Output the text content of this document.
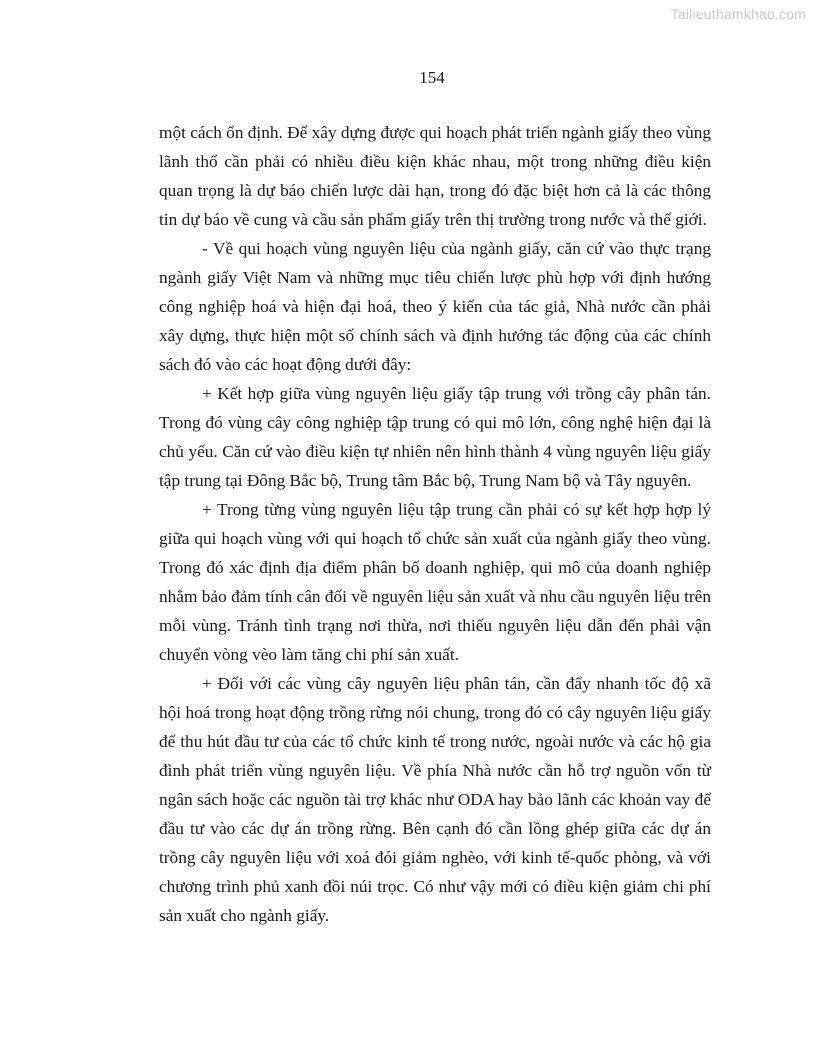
Tailieuthamkhao.com
154

một cách ổn định. Để xây dựng được qui hoạch phát triển ngành giấy theo vùng lãnh thổ cần phải có nhiều điều kiện khác nhau, một trong những điều kiện quan trọng là dự báo chiến lược dài hạn, trong đó đặc biệt hơn cả là các thông tin dự báo về cung và cầu sản phẩm giấy trên thị trường trong nước và thế giới.

- Về qui hoạch vùng nguyên liệu của ngành giấy, căn cứ vào thực trạng ngành giấy Việt Nam và những mục tiêu chiến lược phù hợp với định hướng công nghiệp hoá và hiện đại hoá, theo ý kiến của tác giả, Nhà nước cần phải xây dựng, thực hiện một số chính sách và định hướng tác động của các chính sách đó vào các hoạt động dưới đây:

+ Kết hợp giữa vùng nguyên liệu giấy tập trung với trồng cây phân tán. Trong đó vùng cây công nghiệp tập trung có qui mô lớn, công nghệ hiện đại là chủ yếu. Căn cứ vào điều kiện tự nhiên nên hình thành 4 vùng nguyên liệu giấy tập trung tại Đông Bắc bộ, Trung tâm Bắc bộ, Trung Nam bộ và Tây nguyên.

+ Trong từng vùng nguyên liệu tập trung cần phải có sự kết hợp hợp lý giữa qui hoạch vùng với qui hoạch tổ chức sản xuất của ngành giấy theo vùng. Trong đó xác định địa điểm phân bố doanh nghiệp, qui mô của doanh nghiệp nhằm bảo đảm tính cân đối về nguyên liệu sản xuất và nhu cầu nguyên liệu trên mỗi vùng. Tránh tình trạng nơi thừa, nơi thiếu nguyên liệu dẫn đến phải vận chuyển vòng vèo làm tăng chi phí sản xuất.

+ Đối với các vùng cây nguyên liệu phân tán, cần đẩy nhanh tốc độ xã hội hoá trong hoạt động trồng rừng nói chung, trong đó có cây nguyên liệu giấy để thu hút đầu tư của các tổ chức kinh tế trong nước, ngoài nước và các hộ gia đình phát triển vùng nguyên liệu. Về phía Nhà nước cần hỗ trợ nguồn vốn từ ngân sách hoặc các nguồn tài trợ khác như ODA hay bảo lãnh các khoản vay để đầu tư vào các dự án trồng rừng. Bên cạnh đó cần lồng ghép giữa các dự án trồng cây nguyên liệu với xoá đói giảm nghèo, với kinh tế-quốc phòng, và với chương trình phủ xanh đồi núi trọc. Có như vậy mới có điều kiện giảm chi phí sản xuất cho ngành giấy.
